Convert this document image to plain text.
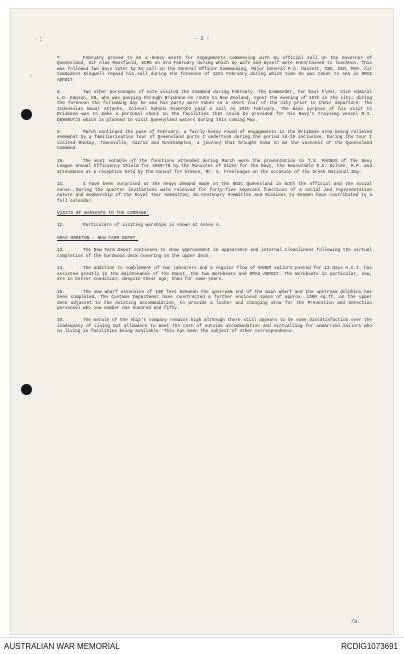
·:
.
- 2 -

7.	February proved to be a heavy month for engagements commencing with my official call on the Governor of Queensland, Sir Alan Mansfield, KCMG on 3rd February during which my wife and myself were entertained to luncheon. This was followed two days later by my call on the General Officer Commanding, Major General P.G. Hassett, CBE, DSO, MVO. Air Commodore Kingwell repaid his call during the forenoon of 12th February during which time he was taken to sea in HMAS ADROIT.

8.	Two other personages of note visited the Command during February. The Commander, Far East Fleet, Vice Admiral L.D. Empson, CB, who was passing through Brisbane en route to New Zealand, spent the evening of 16th in the city; during the forenoon the following day he and his party were taken on a short tour of the city prior to their departure. The Indonesian Naval Attache, Colonel Sahono Soebroto paid a call on 20th February. The main purpose of his visit to Brisbane was to make a personal check on the facilities that could be provided for his Navy's training vessel R.I. DEWARUTJI which is planned to visit Queensland waters during this coming May.

9.	March continued the pace of February, a fairly heavy round of engagements in the Brisbane area being relieved somewhat by a familiarisation tour of Queensland ports I undertook during the period 16-19 inclusive. During the tour I visited Mackay, Townsville, Cairns and Rockhampton, a journey that brought home to me the vastness of the Queensland Command.

10.	The most notable of the functions attended during March were the presentation to T.S. MAGNUS of the Navy League Annual Efficiency Shield for 1969/70 by the Minister of State for the Navy, the Honourable D.C. Killen, M.P. and attendance at a reception held by the Consul for Greece, Mr. A. Freeleagus on the occasion of the Greek National Day.

11.	I have been surprised at the heavy demand made on the NOIC Queensland in both the official and the social sense. During the quarter invitations were received for forty-five separate functions of a social and representative nature and membership of the Royal Tour Committee, Bi-Centenary Committee and Missions to Seamen have contributed to a full calendar.

VISITS OF WARSHIPS TO THE COMMAND.

12.	Particulars of visiting warships is shown at Annex A.

HMAS MORETON - NEW FARM DEPOT.

13.	The New Farm Depot continues to show improvement in appearance and internal cleanliness following the virtual completion of the hardwood deck covering on the upper deck.

14.	The addition to complement of two labourers and a regular flow of RANEM sailors posted for 13 days A.C.T. has assisted greatly in the maintenance of the Depot, the two Workboats and HMAS ADROIT. The Workboats in particular, now, are in better condition, despite their age, than for some years.

15.	The new wharf extension of 100 feet between the upstream end of the main wharf and the upstream dolphins has been completed. The Customs Department have constructed a further enclosed space of approx. 1300 sq.ft. on the upper deck adjacent to the existing accommodation, to provide a locker and changing area for the Prevention and Detection personnel who now number one hundred and fifty.

16.	The morale of the ship's company remains high although there still appears to be some dissatisfaction over the inadequacy of Living Out allowance to meet the cost of outside accommodation and victualling for unmarried sailors who no living in facilities being available. This has been the subject of other correspondence.

/3.
AUSTRALIAN WAR MEMORIAL	RCDIG1073691
